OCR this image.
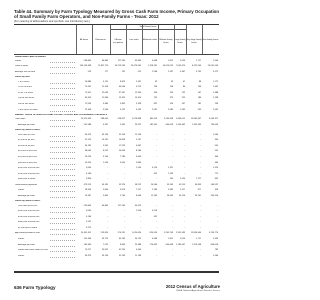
Table 44. Summary by Farm Typology Measured by Gross Cash Farm Income, Primary Occupation of Small Family Farm Operators, and Non-Family Farms - Texas: 2012
[For meaning of abbreviations and symbols, see introductory text.]
Small family farms
All farms	Retirement	Off-farm occupation
Low sales	Moderate sales	Midsize family farms
Large family farms
Very large family farms
Non-family farms
FARMS AND LAND IN FARMS
Farms	248,809	66,863	117,265	45,865	4,668	3,411	2,020	1,717	7,000
Land in farms	130,153,438	11,811,720	34,213,530	23,476,902	7,318,201	10,016,519	7,002,470	6,412,540	29,901,556
Average size of farm	523	177	292	512	1,568	2,937	3,467	3,735	4,272
Farms by size:
1 to 9 acres	16,880	4,151	8,874	2,437	62	49	47	88	1,172
10 to 49 acres	73,201	21,318	40,566	9,219	158	118	84	136	1,602
50 to 179 acres	75,011	22,093	37,937	12,330	390	254	152	167	1,688
180 to 499 acres	44,316	11,846	19,325	10,416	705	375	225	186	1,238
500 to 999 acres	17,093	3,889	5,842	5,328	822	526	247	181	258
1,000 acres or more	22,308	3,566	4,721	6,135	2,531	2,089	1,265	959	1,042
MARKET VALUE OF AGRICULTURAL PRODUCTS SOLD AND GOVERNMENT PAYMENTS
Total sales	25,375,424	288,005	628,627	1,078,838	849,116	2,264,958	2,433,012	12,869,497	4,963,371
Average per farm	101,988	4,307	5,361	23,522	181,901	664,018	1,204,462	7,495,339	709,053
Farms by value of sales:
Less than $2,500	96,373	33,134	52,103	11,136	-	-	-	-	1,066
$2,500 to $4,999	32,110	10,155	16,818	5,137	-	-	-	-	430
$5,000 to $9,999	34,181	9,961	17,553	6,667	-	-	-	-	520
$10,000 to $24,999	38,003	8,919	20,006	8,586	-	-	-	-	592
$25,000 to $49,999	18,224	3,104	7,780	6,940	-	-	-	-	400
$50,000 to $99,999	10,913	1,590	3,005	5,849	-	-	-	-	469
$100,000 to $249,999	9,009	-	-	1,550	4,216	1,327	-	-	1,916
$250,000 to $499,999	4,166	-	-	-	452	1,939	-	-	775
$500,000 or more	5,830	-	-	-	-	145	2,020	1,717	832
Government payments	473,513	34,181	52,376	58,212	24,566	59,209	41,519	34,853	168,597
Farms	28,930	5,844	9,078	7,217	2,180	2,089	1,217	877	428
Average per farm	16,367	5,849	5,769	8,066	11,269	28,343	34,116	39,741	393,918
Farms by value of sales:
Less than $100,000	226,804	66,863	117,265	44,315	-	-	-	-	-
$100,000 to $249,999	9,009	-	-	1,550	4,216	-	-	-	-
$250,000 to $499,999	4,166	-	-	-	452	-	-	-	-
$500,000 to $999,999	2,551	-	-	-	-	-	-	-	-
$1,000,000 or more	3,279	-	-	-	-	-	-	-	-
Agricultural products sold	24,901,911	253,824	576,251	1,020,626	824,550	2,205,749	2,391,493	12,834,644	4,794,774
Farms	152,436	33,729	65,162	34,729	4,668	3,411	2,020	1,717	5,934
Average per farm	163,360	7,525	8,843	29,388	176,639	646,658	1,183,907	7,474,458	808,018
Farms with sales under $1,000	70,217	23,815	41,220	4,400	-	-	-	-	782
Farms	96,373	33,134	52,103	11,136	-	-	-	-	1,066
636 Farm Typology	2012 Census of Agriculture
USDA, National Agricultural Statistics Service
